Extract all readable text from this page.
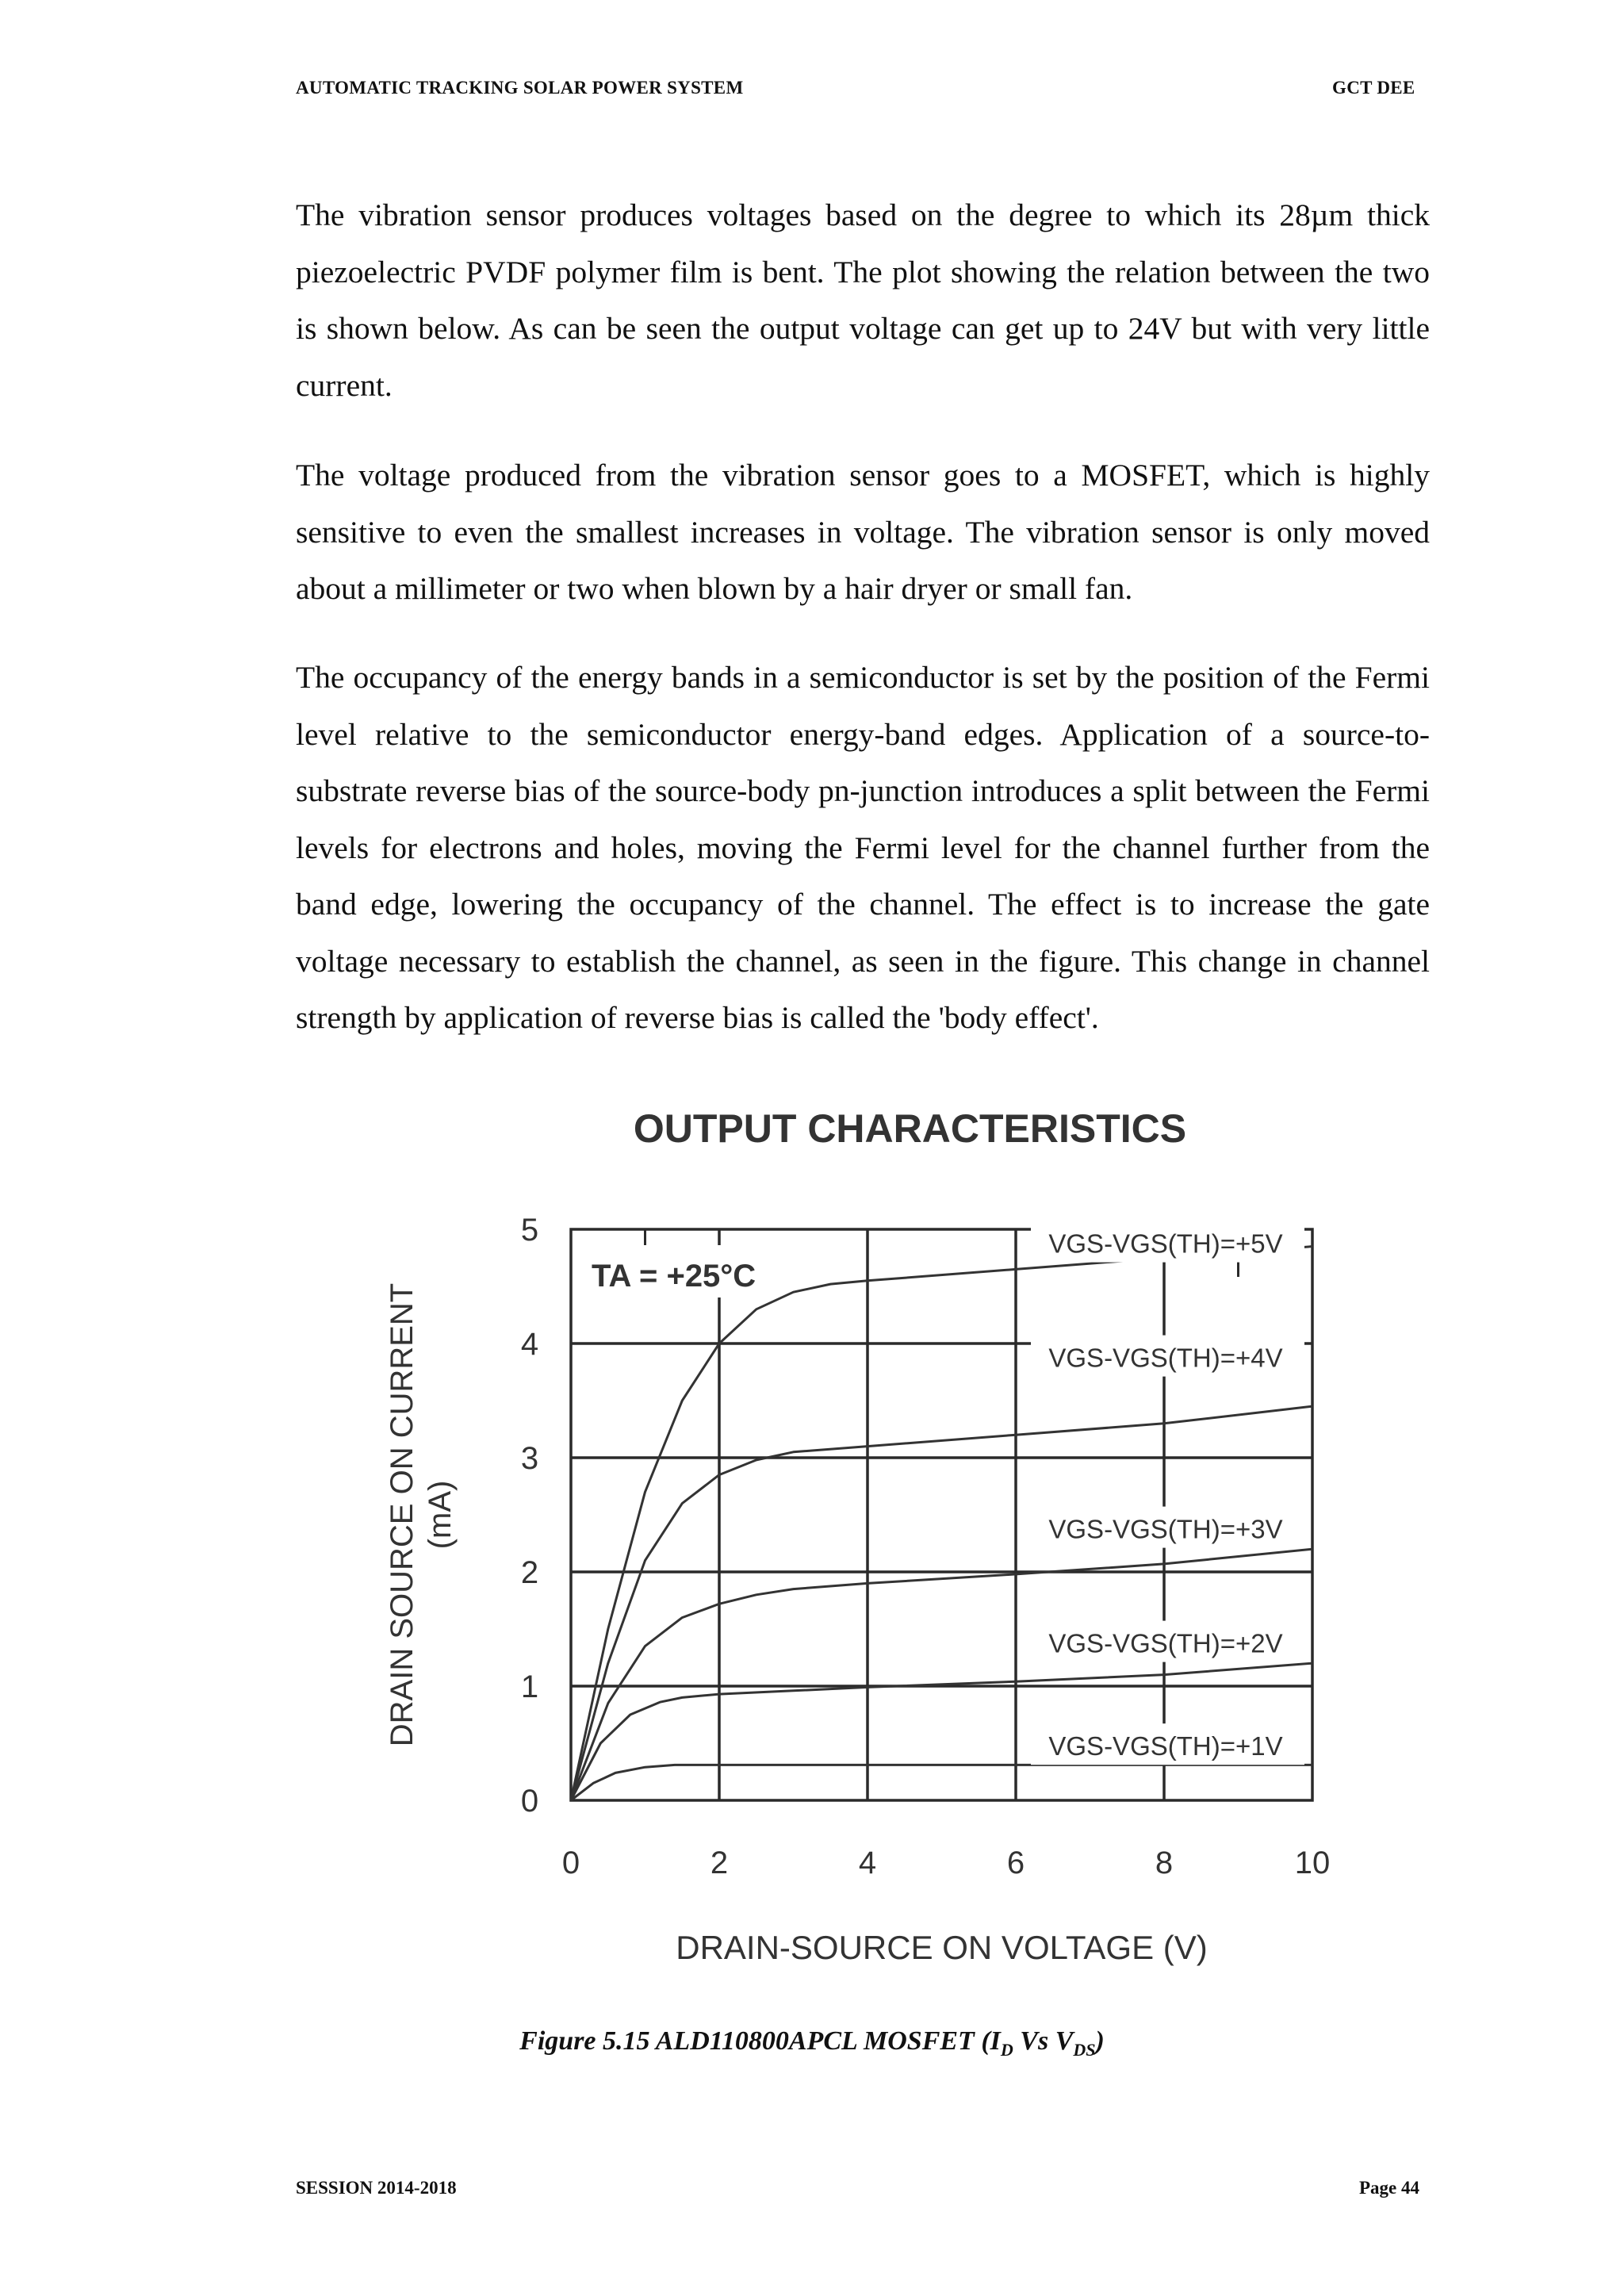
AUTOMATIC TRACKING SOLAR POWER SYSTEM	GCT DEE

The vibration sensor produces voltages based on the degree to which its 28µm thick piezoelectric PVDF polymer film is bent. The plot showing the relation between the two is shown below. As can be seen the output voltage can get up to 24V but with very little current.

The voltage produced from the vibration sensor goes to a MOSFET, which is highly sensitive to even the smallest increases in voltage. The vibration sensor is only moved about a millimeter or two when blown by a hair dryer or small fan.

The occupancy of the energy bands in a semiconductor is set by the position of the Fermi level relative to the semiconductor energy-band edges. Application of a source-to-substrate reverse bias of the source-body pn-junction introduces a split between the Fermi levels for electrons and holes, moving the Fermi level for the channel further from the band edge, lowering the occupancy of the channel. The effect is to increase the gate voltage necessary to establish the channel, as seen in the figure. This change in channel strength by application of reverse bias is called the 'body effect'.

0	2	4	6	8	10
0
1
2
3
4
5	VGS-VGS(TH)=+5V
VGS-VGS(TH)=+4V
VGS-VGS(TH)=+3V
VGS-VGS(TH)=+2V
VGS-VGS(TH)=+1V
TA = +25°C
OUTPUT CHARACTERISTICS
DRAIN-SOURCE ON VOLTAGE (V)
DRAIN SOURCE ON CURRENT (mA)
Figure 5.15 ALD110800APCL MOSFET ($I_D$ Vs $V_{DS}$)
SESSION 2014-2018	Page 44
